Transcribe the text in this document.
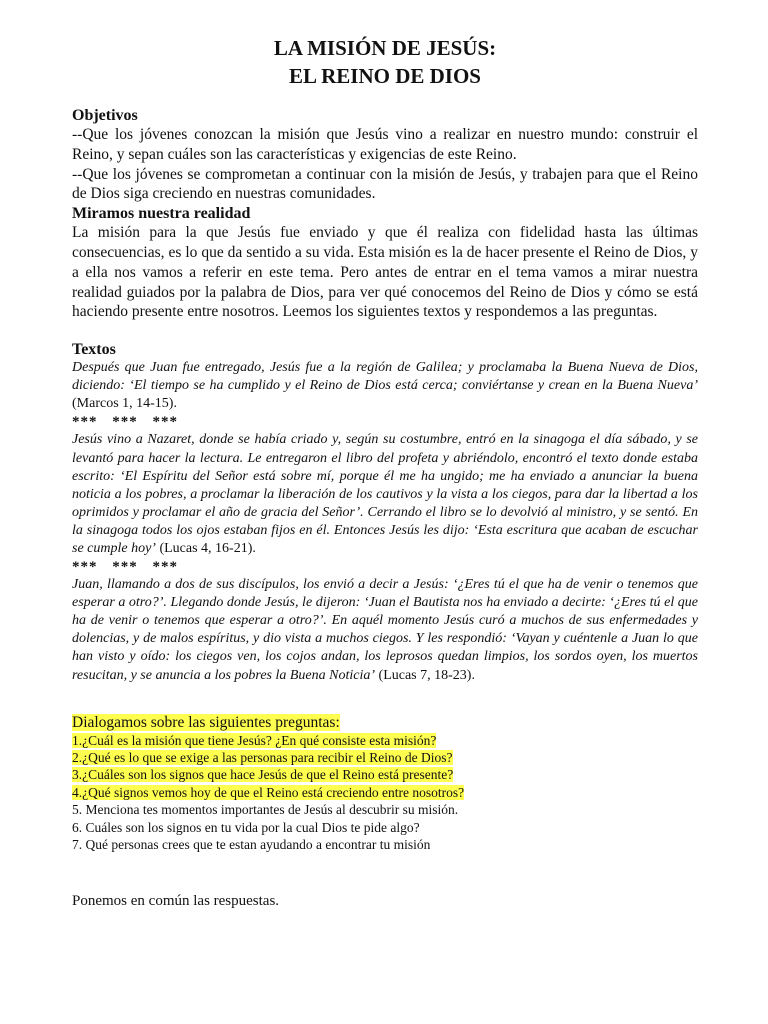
LA MISIÓN DE JESÚS:
EL REINO DE DIOS

Objetivos

--Que los jóvenes conozcan la misión que Jesús vino a realizar en nuestro mundo: construir el Reino, y sepan cuáles son las características y exigencias de este Reino.

--Que los jóvenes se comprometan a continuar con la misión de Jesús, y trabajen para que el Reino de Dios siga creciendo en nuestras comunidades.

Miramos nuestra realidad

La misión para la que Jesús fue enviado y que él realiza con fidelidad hasta las últimas consecuencias, es lo que da sentido a su vida. Esta misión es la de hacer presente el Reino de Dios, y a ella nos vamos a referir en este tema. Pero antes de entrar en el tema vamos a mirar nuestra realidad guiados por la palabra de Dios, para ver qué conocemos del Reino de Dios y cómo se está haciendo presente entre nosotros. Leemos los siguientes textos y respondemos a las preguntas.

Textos

Después que Juan fue entregado, Jesús fue a la región de Galilea; y proclamaba la Buena Nueva de Dios, diciendo: ‘El tiempo se ha cumplido y el Reino de Dios está cerca; conviértanse y crean en la Buena Nueva’ (Marcos 1, 14-15).

*** *** ***

Jesús vino a Nazaret, donde se había criado y, según su costumbre, entró en la sinagoga el día sábado, y se levantó para hacer la lectura. Le entregaron el libro del profeta y abriéndolo, encontró el texto donde estaba escrito: ‘El Espíritu del Señor está sobre mí, porque él me ha ungido; me ha enviado a anunciar la buena noticia a los pobres, a proclamar la liberación de los cautivos y la vista a los ciegos, para dar la libertad a los oprimidos y proclamar el año de gracia del Señor’. Cerrando el libro se lo devolvió al ministro, y se sentó. En la sinagoga todos los ojos estaban fijos en él. Entonces Jesús les dijo: ‘Esta escritura que acaban de escuchar se cumple hoy’ (Lucas 4, 16-21).

*** *** ***

Juan, llamando a dos de sus discípulos, los envió a decir a Jesús: ‘¿Eres tú el que ha de venir o tenemos que esperar a otro?’. Llegando donde Jesús, le dijeron: ‘Juan el Bautista nos ha enviado a decirte: ‘¿Eres tú el que ha de venir o tenemos que esperar a otro?’. En aquél momento Jesús curó a muchos de sus enfermedades y dolencias, y de malos espíritus, y dio vista a muchos ciegos. Y les respondió: ‘Vayan y cuéntenle a Juan lo que han visto y oído: los ciegos ven, los cojos andan, los leprosos quedan limpios, los sordos oyen, los muertos resucitan, y se anuncia a los pobres la Buena Noticia’ (Lucas 7, 18-23).

Dialogamos sobre las siguientes preguntas:

1.¿Cuál es la misión que tiene Jesús? ¿En qué consiste esta misión?

2.¿Qué es lo que se exige a las personas para recibir el Reino de Dios?

3.¿Cuáles son los signos que hace Jesús de que el Reino está presente?

4.¿Qué signos vemos hoy de que el Reino está creciendo entre nosotros?

5. Menciona tes momentos importantes de Jesús al descubrir su misión.

6. Cuáles son los signos en tu vida por la cual Dios te pide algo?

7. Qué personas crees que te estan ayudando a encontrar tu misión

Ponemos en común las respuestas.
